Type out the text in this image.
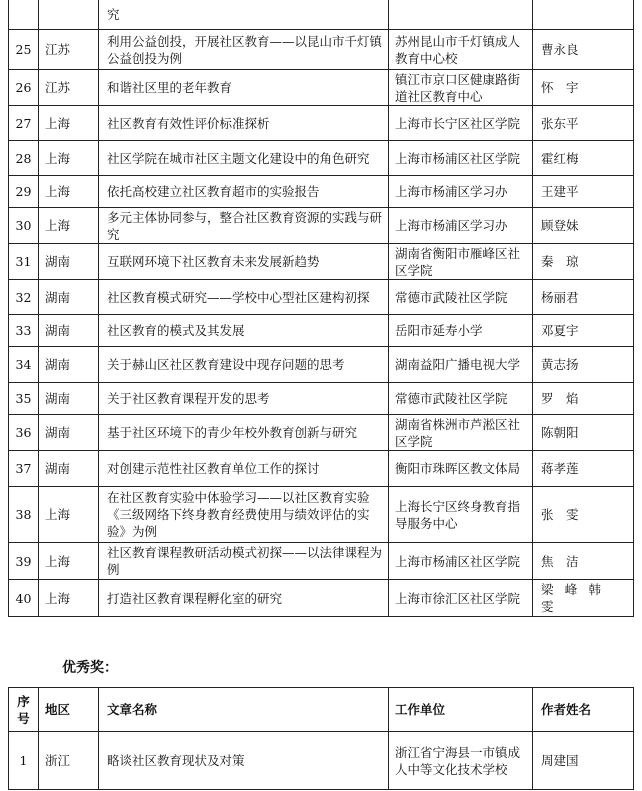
		究		
25	江苏	利用公益创投，开展社区教育——以昆山市千灯镇公益创投为例	苏州昆山市千灯镇成人教育中心校	曹永良
26	江苏	和谐社区里的老年教育	镇江市京口区健康路街道社区教育中心	怀　宇
27	上海	社区教育有效性评价标准探析	上海市长宁区社区学院	张东平
28	上海	社区学院在城市社区主题文化建设中的角色研究	上海市杨浦区社区学院	霍红梅
29	上海	依托高校建立社区教育超市的实验报告	上海市杨浦区学习办	王建平
30	上海	多元主体协同参与，整合社区教育资源的实践与研究	上海市杨浦区学习办	顾登妹
31	湖南	互联网环境下社区教育未来发展新趋势	湖南省衡阳市雁峰区社区学院	秦　琼
32	湖南	社区教育模式研究——学校中心型社区建构初探	常德市武陵社区学院	杨丽君
33	湖南	社区教育的模式及其发展	岳阳市延寿小学	邓夏宇
34	湖南	关于赫山区社区教育建设中现存问题的思考	湖南益阳广播电视大学	黄志扬
35	湖南	关于社区教育课程开发的思考	常德市武陵社区学院	罗　焰
36	湖南	基于社区环境下的青少年校外教育创新与研究	湖南省株洲市芦淞区社区学院	陈朝阳
37	湖南	对创建示范性社区教育单位工作的探讨	衡阳市珠晖区教文体局	蒋孝莲
38	上海	在社区教育实验中体验学习——以社区教育实验《三级网络下终身教育经费使用与绩效评估的实验》为例	上海长宁区终身教育指导服务中心	张　雯
39	上海	社区教育课程教研活动模式初探——以法律课程为例	上海市杨浦区社区学院	焦　洁
40	上海	打造社区教育课程孵化室的研究	上海市徐汇区社区学院	梁峰韩雯
优秀奖：
序号	地区	文章名称	工作单位	作者姓名
1	浙江	略谈社区教育现状及对策	浙江省宁海县一市镇成人中等文化技术学校	周建国
